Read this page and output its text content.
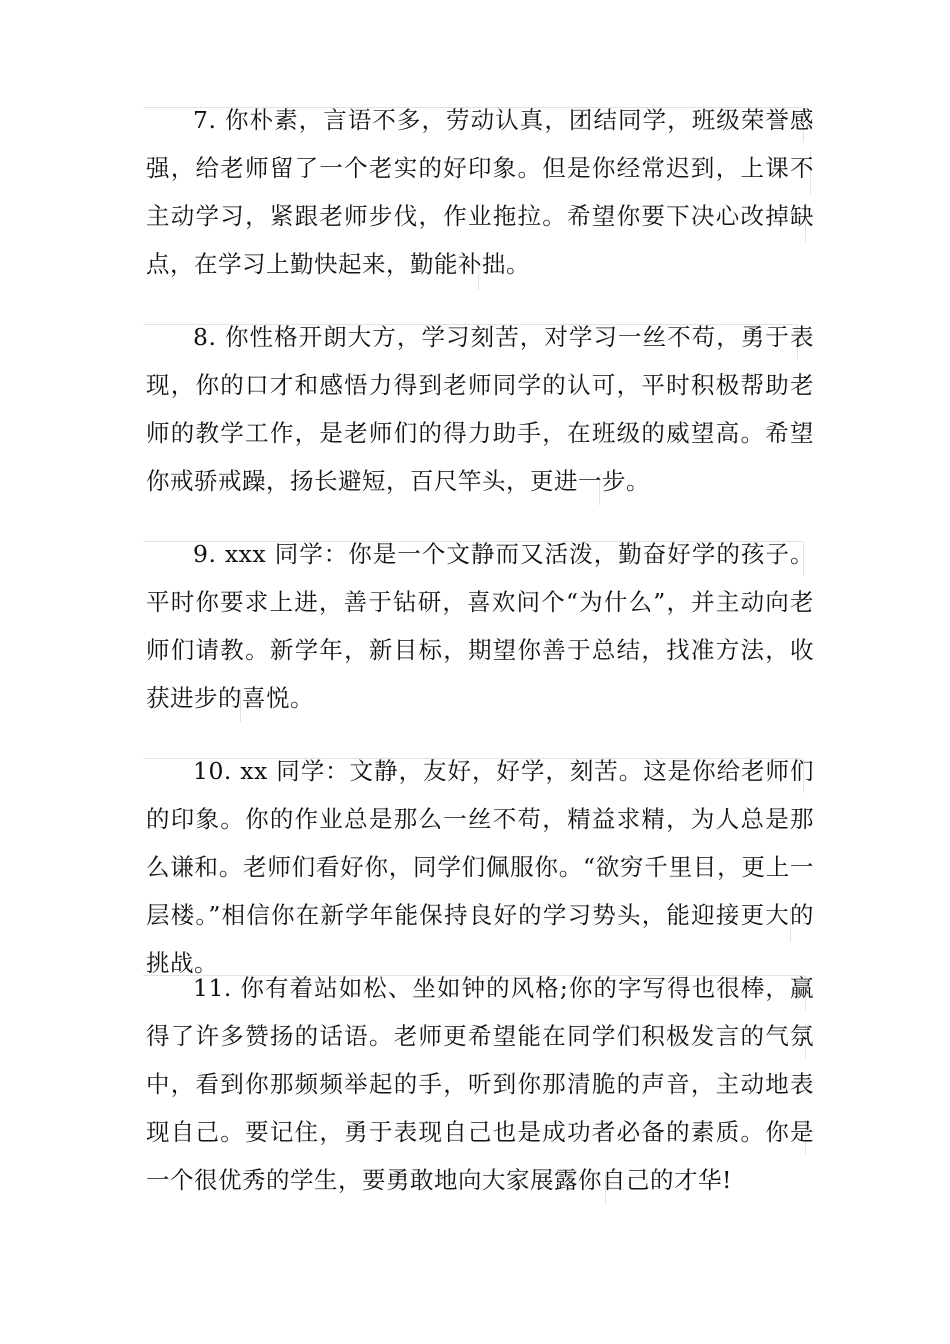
7. 你朴素，言语不多，劳动认真，团结同学，班级荣誉感强，给老师留了一个老实的好印象。但是你经常迟到，上课不主动学习，紧跟老师步伐，作业拖拉。希望你要下决心改掉缺点，在学习上勤快起来，勤能补拙。

8. 你性格开朗大方，学习刻苦，对学习一丝不苟，勇于表现，你的口才和感悟力得到老师同学的认可，平时积极帮助老师的教学工作，是老师们的得力助手，在班级的威望高。希望你戒骄戒躁，扬长避短，百尺竿头，更进一步。

9. xxx 同学：你是一个文静而又活泼，勤奋好学的孩子。平时你要求上进，善于钻研，喜欢问个“为什么”，并主动向老师们请教。新学年，新目标，期望你善于总结，找准方法，收获进步的喜悦。

10. xx 同学：文静，友好，好学，刻苦。这是你给老师们的印象。你的作业总是那么一丝不苟，精益求精，为人总是那么谦和。老师们看好你，同学们佩服你。“欲穷千里目，更上一层楼。”相信你在新学年能保持良好的学习势头，能迎接更大的挑战。

11. 你有着站如松、坐如钟的风格;你的字写得也很棒，赢得了许多赞扬的话语。老师更希望能在同学们积极发言的气氛中，看到你那频频举起的手，听到你那清脆的声音，主动地表现自己。要记住，勇于表现自己也是成功者必备的素质。你是一个很优秀的学生，要勇敢地向大家展露你自己的才华!
